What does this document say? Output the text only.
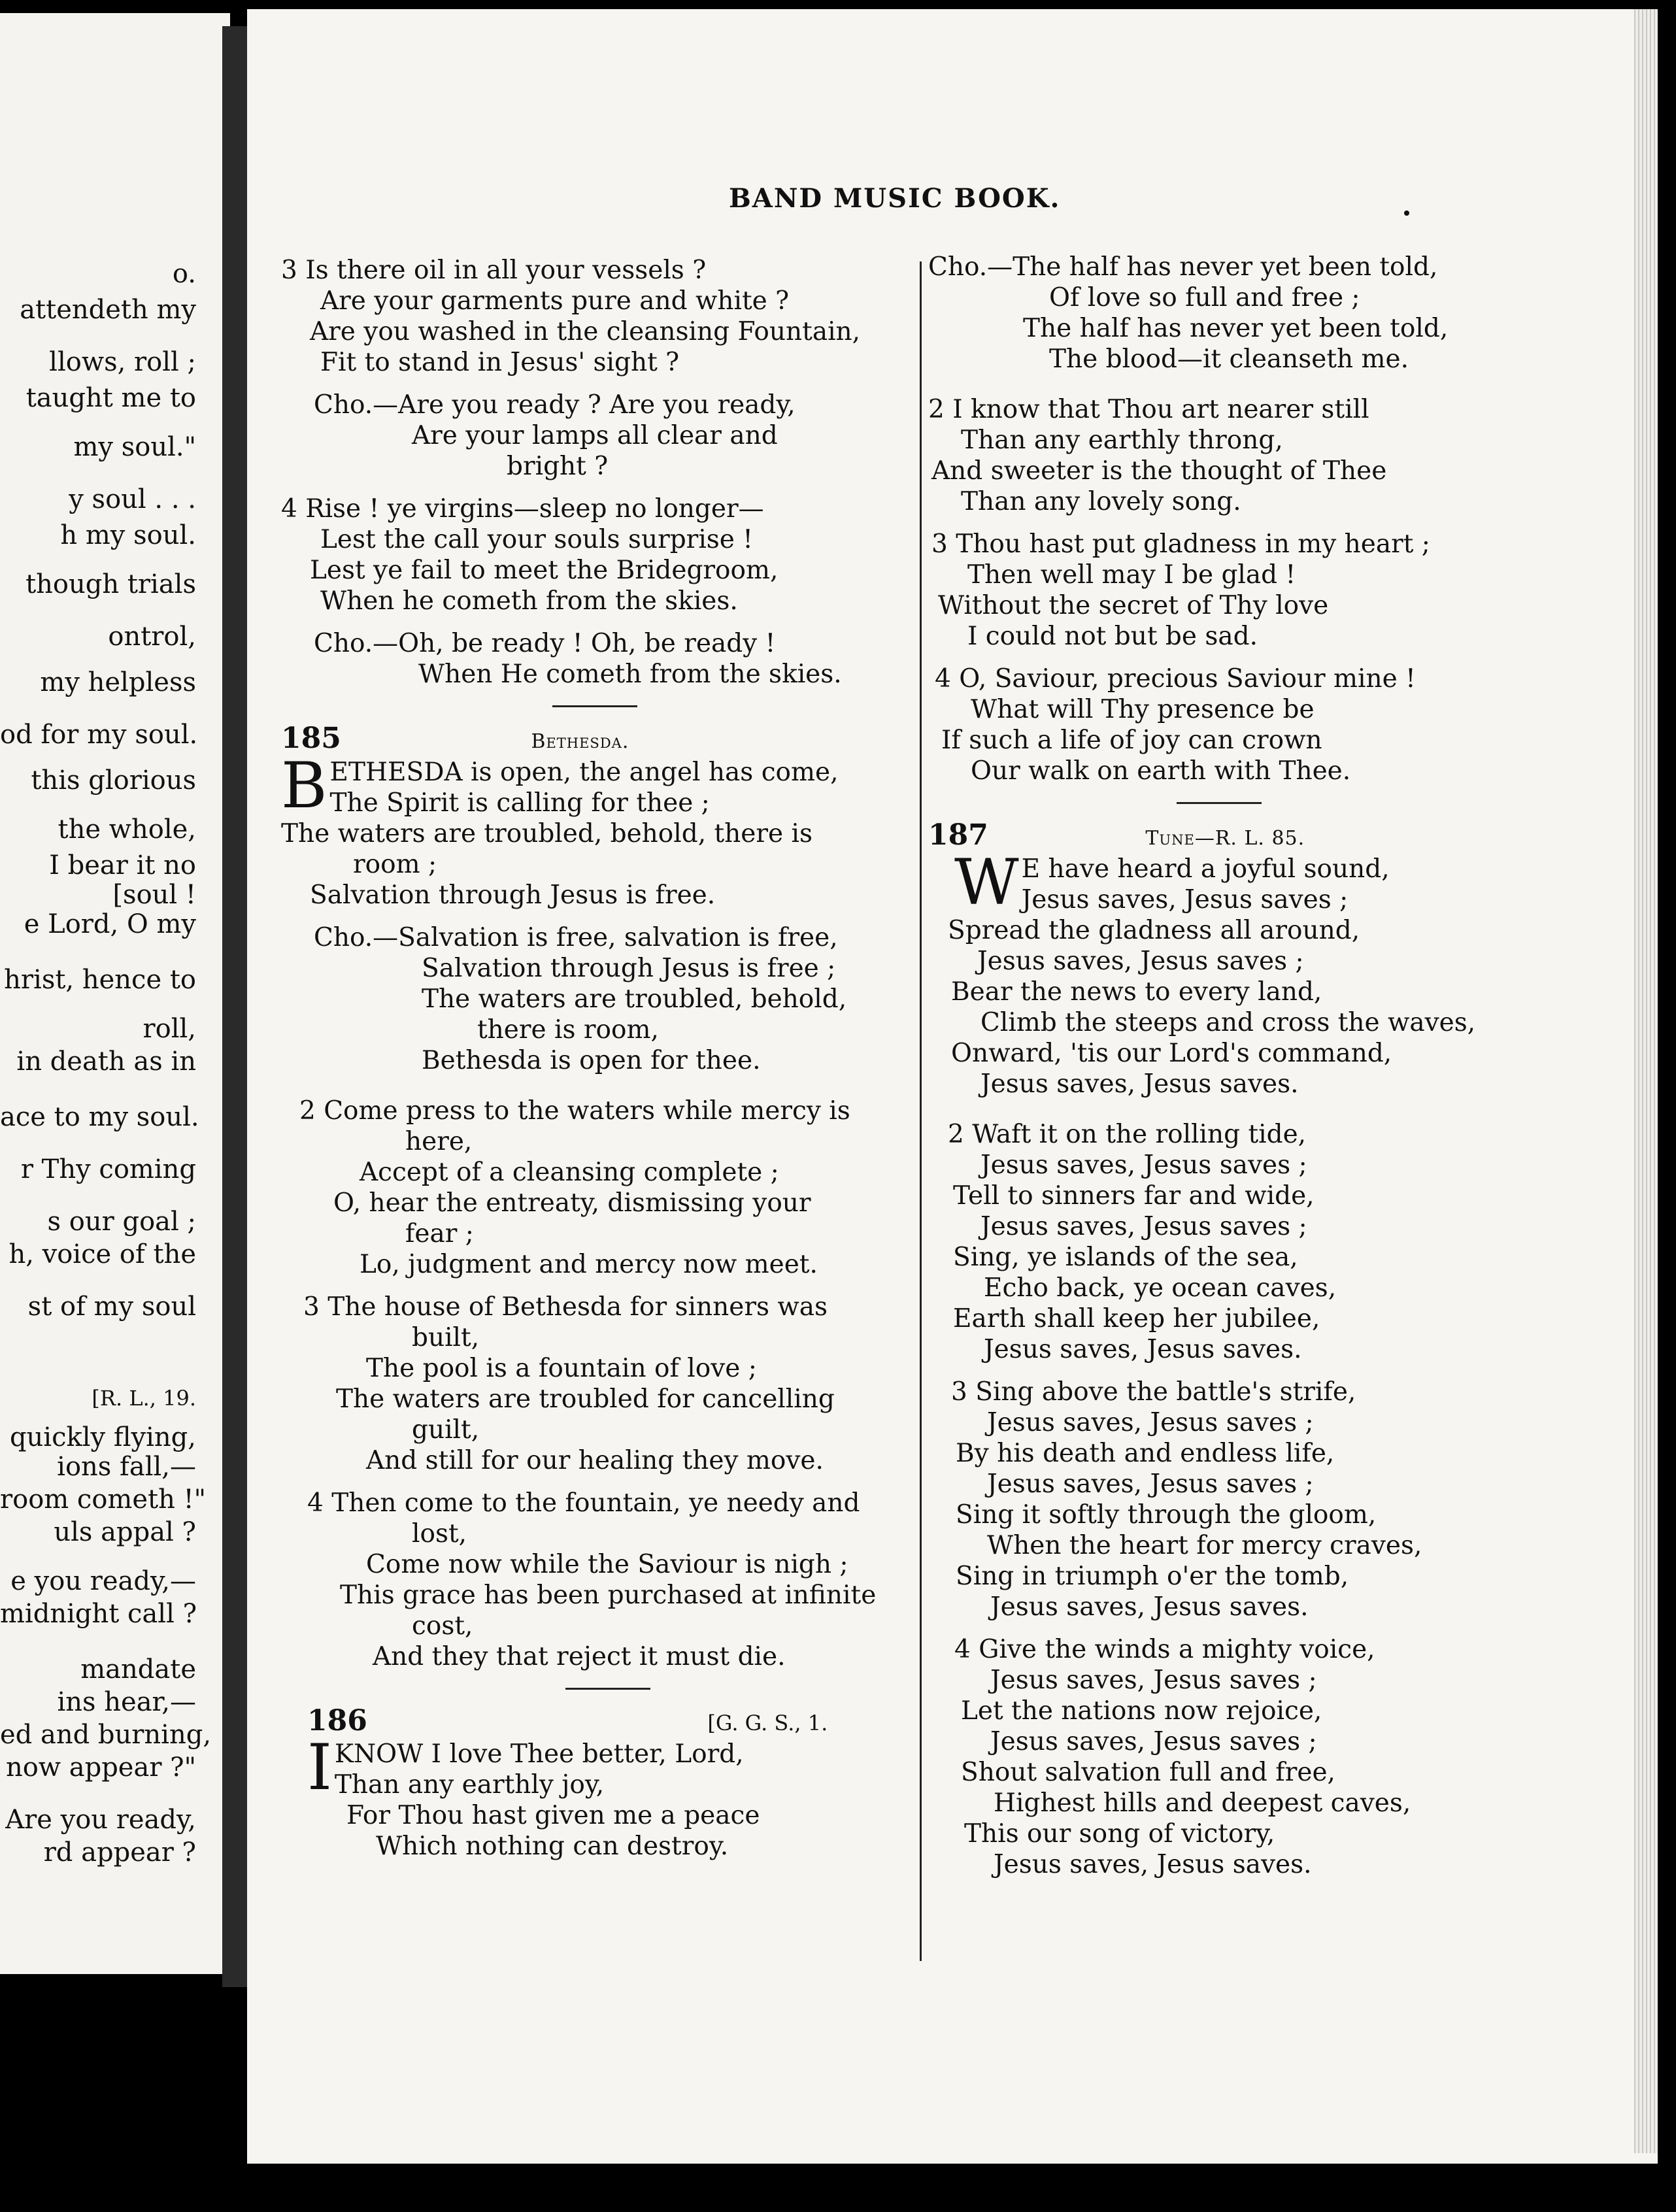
o.
attendeth my
llows, roll ;
taught me to
my soul."
y soul . . .
h my soul.
though trials
ontrol,
my helpless
od for my soul.
this glorious
the whole,
I bear it no
[soul !
e Lord, O my
hrist, hence to
roll,
in death as in
ace to my soul.
r Thy coming
s our goal ;
h, voice of the
st of my soul
[R. L., 19.
quickly flying,
ions fall,—
room cometh !"
uls appal ?
e you ready,—
midnight call ?
mandate
ins hear,—
ed and burning,
now appear ?"
Are you ready,
rd appear ?
BAND MUSIC BOOK.
3 Is there oil in all your vessels ?
Are your garments pure and white ?
Are you washed in the cleansing Fountain,
Fit to stand in Jesus' sight ?
Cho.—Are you ready ? Are you ready,
Are your lamps all clear and
bright ?
4 Rise ! ye virgins—sleep no longer—
Lest the call your souls surprise !
Lest ye fail to meet the Bridegroom,
When he cometh from the skies.
Cho.—Oh, be ready ! Oh, be ready !
When He cometh from the skies.
185	Bethesda.
B ETHESDA is open, the angel has come,
The Spirit is calling for thee ;
The waters are troubled, behold, there is
room ;
Salvation through Jesus is free.
Cho.—Salvation is free, salvation is free,
Salvation through Jesus is free ;
The waters are troubled, behold,
there is room,
Bethesda is open for thee.
2 Come press to the waters while mercy is
here,
Accept of a cleansing complete ;
O, hear the entreaty, dismissing your
fear ;
Lo, judgment and mercy now meet.
3 The house of Bethesda for sinners was
built,
The pool is a fountain of love ;
The waters are troubled for cancelling
guilt,
And still for our healing they move.
4 Then come to the fountain, ye needy and
lost,
Come now while the Saviour is nigh ;
This grace has been purchased at infinite
cost,
And they that reject it must die.
186	[G. G. S., 1.
I KNOW I love Thee better, Lord,
Than any earthly joy,
For Thou hast given me a peace
Which nothing can destroy.
Cho.—The half has never yet been told,
Of love so full and free ;
The half has never yet been told,
The blood—it cleanseth me.
2 I know that Thou art nearer still
Than any earthly throng,
And sweeter is the thought of Thee
Than any lovely song.
3 Thou hast put gladness in my heart ;
Then well may I be glad !
Without the secret of Thy love
I could not but be sad.
4 O, Saviour, precious Saviour mine !
What will Thy presence be
If such a life of joy can crown
Our walk on earth with Thee.
187	Tune—R. L. 85.
W E have heard a joyful sound,
Jesus saves, Jesus saves ;
Spread the gladness all around,
Jesus saves, Jesus saves ;
Bear the news to every land,
Climb the steeps and cross the waves,
Onward, 'tis our Lord's command,
Jesus saves, Jesus saves.
2 Waft it on the rolling tide,
Jesus saves, Jesus saves ;
Tell to sinners far and wide,
Jesus saves, Jesus saves ;
Sing, ye islands of the sea,
Echo back, ye ocean caves,
Earth shall keep her jubilee,
Jesus saves, Jesus saves.
3 Sing above the battle's strife,
Jesus saves, Jesus saves ;
By his death and endless life,
Jesus saves, Jesus saves ;
Sing it softly through the gloom,
When the heart for mercy craves,
Sing in triumph o'er the tomb,
Jesus saves, Jesus saves.
4 Give the winds a mighty voice,
Jesus saves, Jesus saves ;
Let the nations now rejoice,
Jesus saves, Jesus saves ;
Shout salvation full and free,
Highest hills and deepest caves,
This our song of victory,
Jesus saves, Jesus saves.
